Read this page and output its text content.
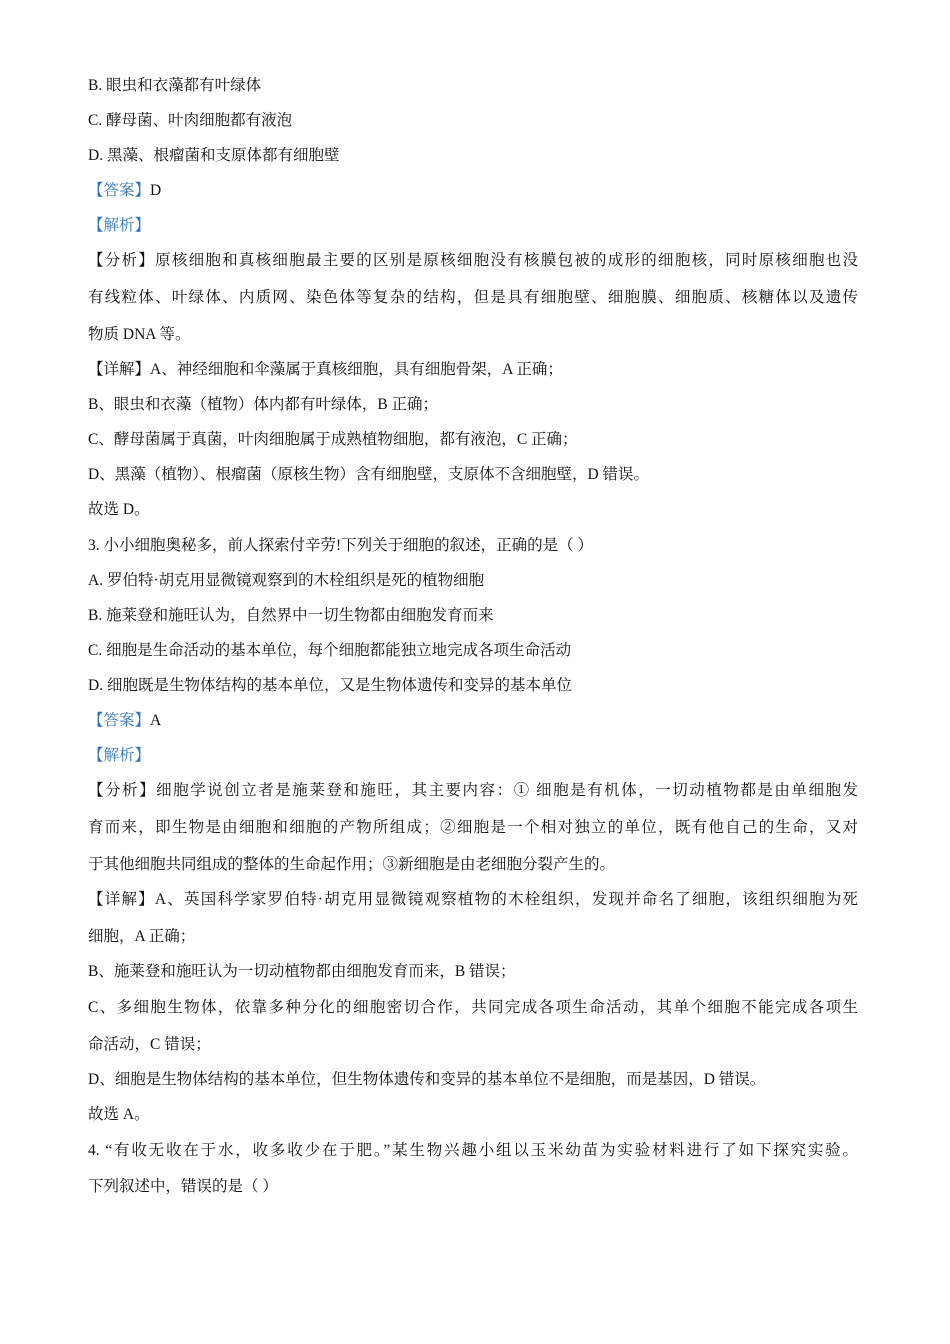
B. 眼虫和衣藻都有叶绿体
C. 酵母菌、叶肉细胞都有液泡
D. 黑藻、根瘤菌和支原体都有细胞壁
【答案】D
【解析】
【分析】原核细胞和真核细胞最主要的区别是原核细胞没有核膜包被的成形的细胞核，同时原核细胞也没
有线粒体、叶绿体、内质网、染色体等复杂的结构，但是具有细胞壁、细胞膜、细胞质、核糖体以及遗传
物质 DNA 等。
【详解】A、神经细胞和伞藻属于真核细胞，具有细胞骨架，A 正确；
B、眼虫和衣藻（植物）体内都有叶绿体，B 正确；
C、酵母菌属于真菌，叶肉细胞属于成熟植物细胞，都有液泡，C 正确；
D、黑藻（植物）、根瘤菌（原核生物）含有细胞壁，支原体不含细胞壁，D 错误。
故选 D。
3. 小小细胞奥秘多，前人探索付辛劳!下列关于细胞的叙述，正确的是（ ）
A. 罗伯特·胡克用显微镜观察到的木栓组织是死的植物细胞
B. 施莱登和施旺认为，自然界中一切生物都由细胞发育而来
C. 细胞是生命活动的基本单位，每个细胞都能独立地完成各项生命活动
D. 细胞既是生物体结构的基本单位，又是生物体遗传和变异的基本单位
【答案】A
【解析】
【分析】细胞学说创立者是施莱登和施旺，其主要内容：① 细胞是有机体，一切动植物都是由单细胞发
育而来，即生物是由细胞和细胞的产物所组成；②细胞是一个相对独立的单位，既有他自己的生命，又对
于其他细胞共同组成的整体的生命起作用；③新细胞是由老细胞分裂产生的。
【详解】A、英国科学家罗伯特·胡克用显微镜观察植物的木栓组织，发现并命名了细胞，该组织细胞为死
细胞，A 正确；
B、施莱登和施旺认为一切动植物都由细胞发育而来，B 错误；
C、多细胞生物体，依靠多种分化的细胞密切合作，共同完成各项生命活动，其单个细胞不能完成各项生
命活动，C 错误；
D、细胞是生物体结构的基本单位，但生物体遗传和变异的基本单位不是细胞，而是基因，D 错误。
故选 A。
4. “有收无收在于水，收多收少在于肥。”某生物兴趣小组以玉米幼苗为实验材料进行了如下探究实验。
下列叙述中，错误的是（ ）
